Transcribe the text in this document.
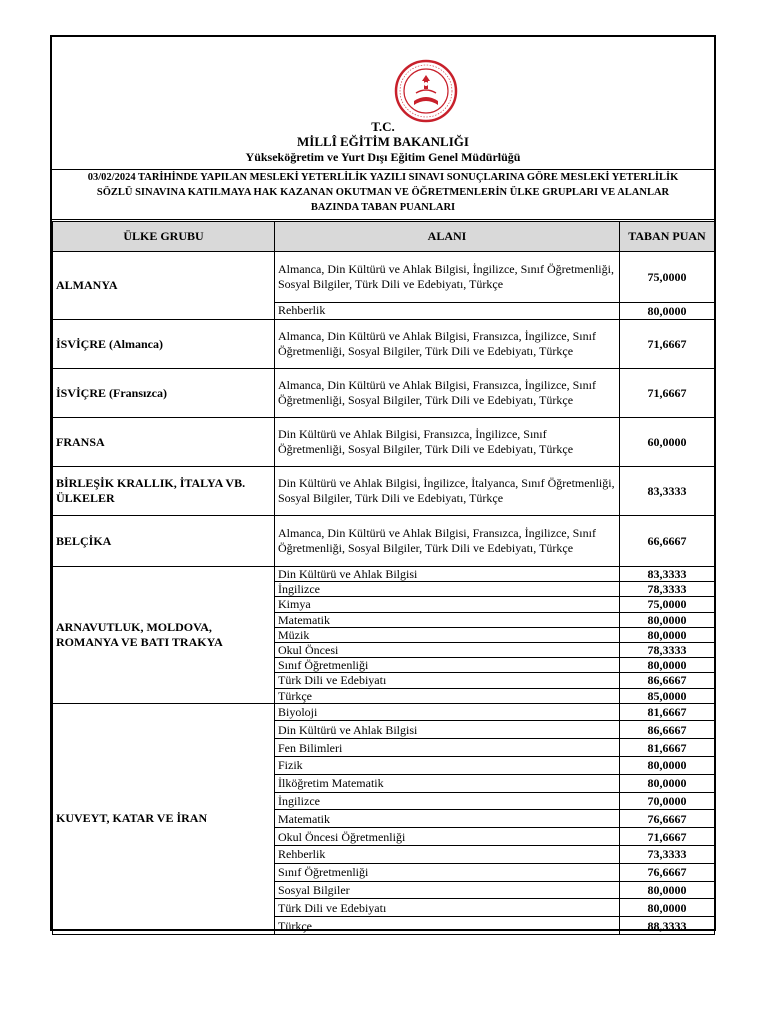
T.C.
MİLLÎ EĞİTİM BAKANLIĞI
Yükseköğretim ve Yurt Dışı Eğitim Genel Müdürlüğü
03/02/2024 TARİHİNDE YAPILAN MESLEKİ YETERLİLİK YAZILI SINAVI SONUÇLARINA GÖRE MESLEKİ YETERLİLİK
SÖZLÜ SINAVINA KATILMAYA HAK KAZANAN OKUTMAN VE ÖĞRETMENLERİN ÜLKE GRUPLARI VE ALANLAR
BAZINDA TABAN PUANLARI
ÜLKE GRUBU	ALANI	TABAN PUAN
ALMANYA	Almanca, Din Kültürü ve Ahlak Bilgisi, İngilizce, Sınıf Öğretmenliği, Sosyal Bilgiler, Türk Dili ve Edebiyatı, Türkçe	75,0000
	Rehberlik	80,0000
İSVİÇRE (Almanca)	Almanca, Din Kültürü ve Ahlak Bilgisi, Fransızca, İngilizce, Sınıf Öğretmenliği, Sosyal Bilgiler, Türk Dili ve Edebiyatı, Türkçe	71,6667
İSVİÇRE (Fransızca)	Almanca, Din Kültürü ve Ahlak Bilgisi, Fransızca, İngilizce, Sınıf Öğretmenliği, Sosyal Bilgiler, Türk Dili ve Edebiyatı, Türkçe	71,6667
FRANSA	Din Kültürü ve Ahlak Bilgisi, Fransızca, İngilizce, Sınıf Öğretmenliği, Sosyal Bilgiler, Türk Dili ve Edebiyatı, Türkçe	60,0000
BİRLEŞİK KRALLIK, İTALYA VB. ÜLKELER	Din Kültürü ve Ahlak Bilgisi, İngilizce, İtalyanca, Sınıf Öğretmenliği, Sosyal Bilgiler, Türk Dili ve Edebiyatı, Türkçe	83,3333
BELÇİKA	Almanca, Din Kültürü ve Ahlak Bilgisi, Fransızca, İngilizce, Sınıf Öğretmenliği, Sosyal Bilgiler, Türk Dili ve Edebiyatı, Türkçe	66,6667
ARNAVUTLUK, MOLDOVA, ROMANYA VE BATI TRAKYA	Din Kültürü ve Ahlak Bilgisi	83,3333
	İngilizce	78,3333
	Kimya	75,0000
	Matematik	80,0000
	Müzik	80,0000
	Okul Öncesi	78,3333
	Sınıf Öğretmenliği	80,0000
	Türk Dili ve Edebiyatı	86,6667
	Türkçe	85,0000
KUVEYT, KATAR VE İRAN	Biyoloji	81,6667
	Din Kültürü ve Ahlak Bilgisi	86,6667
	Fen Bilimleri	81,6667
	Fizik	80,0000
	İlköğretim Matematik	80,0000
	İngilizce	70,0000
	Matematik	76,6667
	Okul Öncesi Öğretmenliği	71,6667
	Rehberlik	73,3333
	Sınıf Öğretmenliği	76,6667
	Sosyal Bilgiler	80,0000
	Türk Dili ve Edebiyatı	80,0000
	Türkçe	88,3333
